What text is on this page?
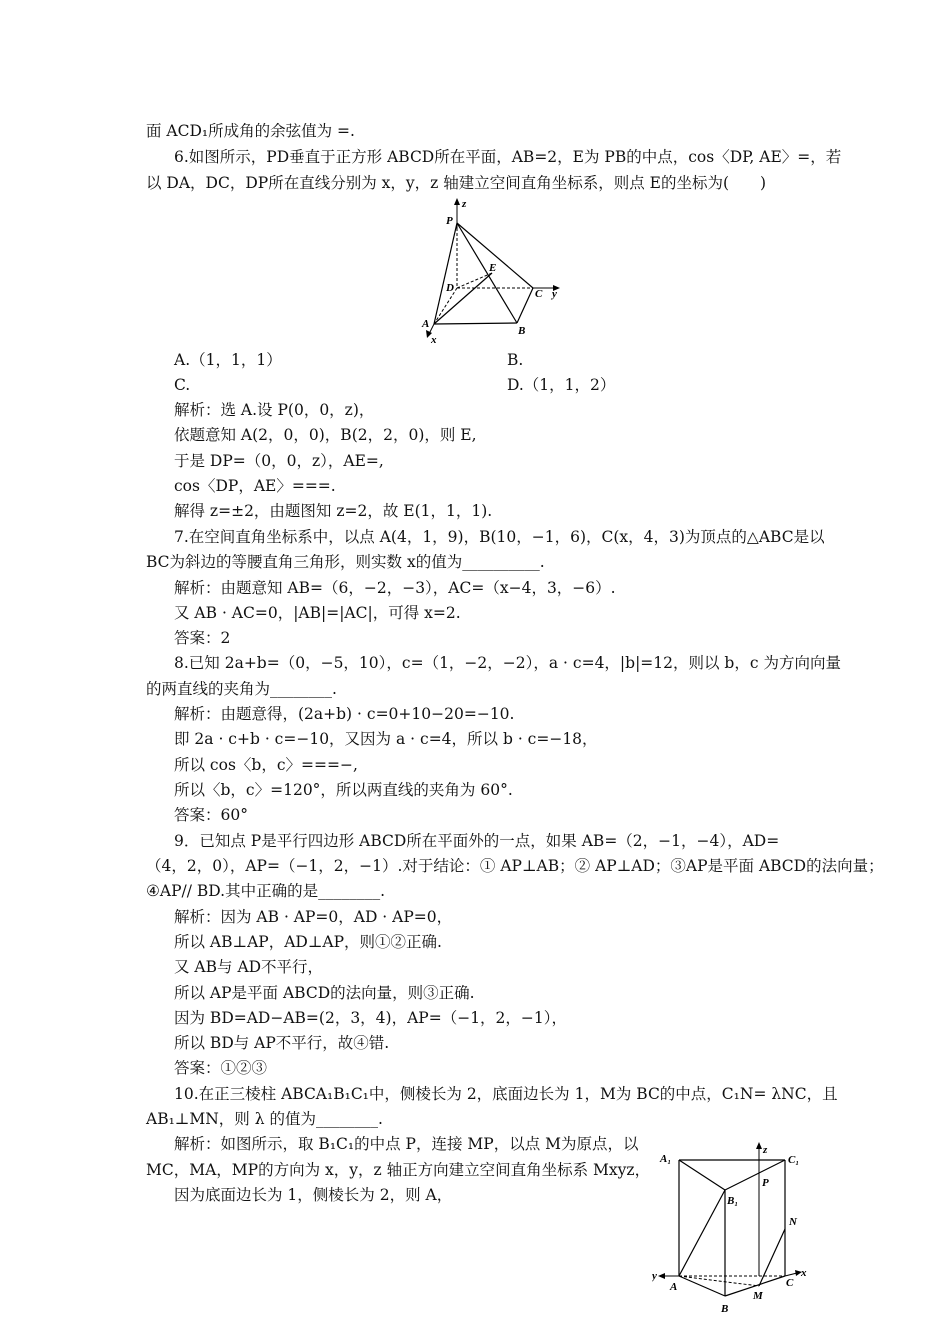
面 ACD₁所成角的余弦值为 =.
6.如图所示，PD垂直于正方形 ABCD所在平面，AB=2，E为 PB的中点，cos〈DP, AE〉=，若
以 DA，DC，DP所在直线分别为 x，y，z 轴建立空间直角坐标系，则点 E的坐标为(　　)
z
P
E
D	C y
A
B
x
A.（1，1，1）	B.
C.	D.（1，1，2）
解析：选 A.设 P(0，0，z)，
依题意知 A(2，0，0)，B(2，2，0)，则 E,
于是 DP=（0，0，z），AE=,
cos〈DP，AE〉===.
解得 z=±2，由题图知 z=2，故 E(1，1，1).
7.在空间直角坐标系中，以点 A(4，1，9)，B(10，−1，6)，C(x，4，3)为顶点的△ABC是以
BC为斜边的等腰直角三角形，则实数 x的值为__________.
解析：由题意知 AB=（6，−2，−3），AC=（x−4，3，−6）.
又 AB · AC=0，|AB|=|AC|，可得 x=2.
答案：2
8.已知 2a+b=（0，−5，10），c=（1，−2，−2），a · c=4，|b|=12，则以 b，c 为方向向量
的两直线的夹角为________.
解析：由题意得，(2a+b) · c=0+10−20=−10.
即 2a · c+b · c=−10，又因为 a · c=4，所以 b · c=−18，
所以 cos〈b，c〉===−,
所以〈b，c〉=120°，所以两直线的夹角为 60°.
答案：60°
9．已知点 P是平行四边形 ABCD所在平面外的一点，如果 AB=（2，−1，−4），AD=
（4，2，0），AP=（−1，2，−1）.对于结论：① AP⊥AB；② AP⊥AD；③AP是平面 ABCD的法向量；
④AP// BD.其中正确的是________.
解析：因为 AB · AP=0，AD · AP=0，
所以 AB⊥AP，AD⊥AP，则①②正确.
又 AB与 AD不平行，
所以 AP是平面 ABCD的法向量，则③正确.
因为 BD=AD−AB=(2，3，4)，AP=（−1，2，−1），
所以 BD与 AP不平行，故④错.
答案：①②③
10.在正三棱柱 ABCA₁B₁C₁中，侧棱长为 2，底面边长为 1，M为 BC的中点，C₁N= λNC，且
AB₁⊥MN，则 λ 的值为________.
解析：如图所示，取 B₁C₁的中点 P，连接 MP，以点 M为原点，以
MC，MA，MP的方向为 x，y，z 轴正方向建立空间直角坐标系 Mxyz，
因为底面边长为 1，侧棱长为 2，则 A，
z
A₁	C₁
B₁
P
N
y
A	C
x
M
B
